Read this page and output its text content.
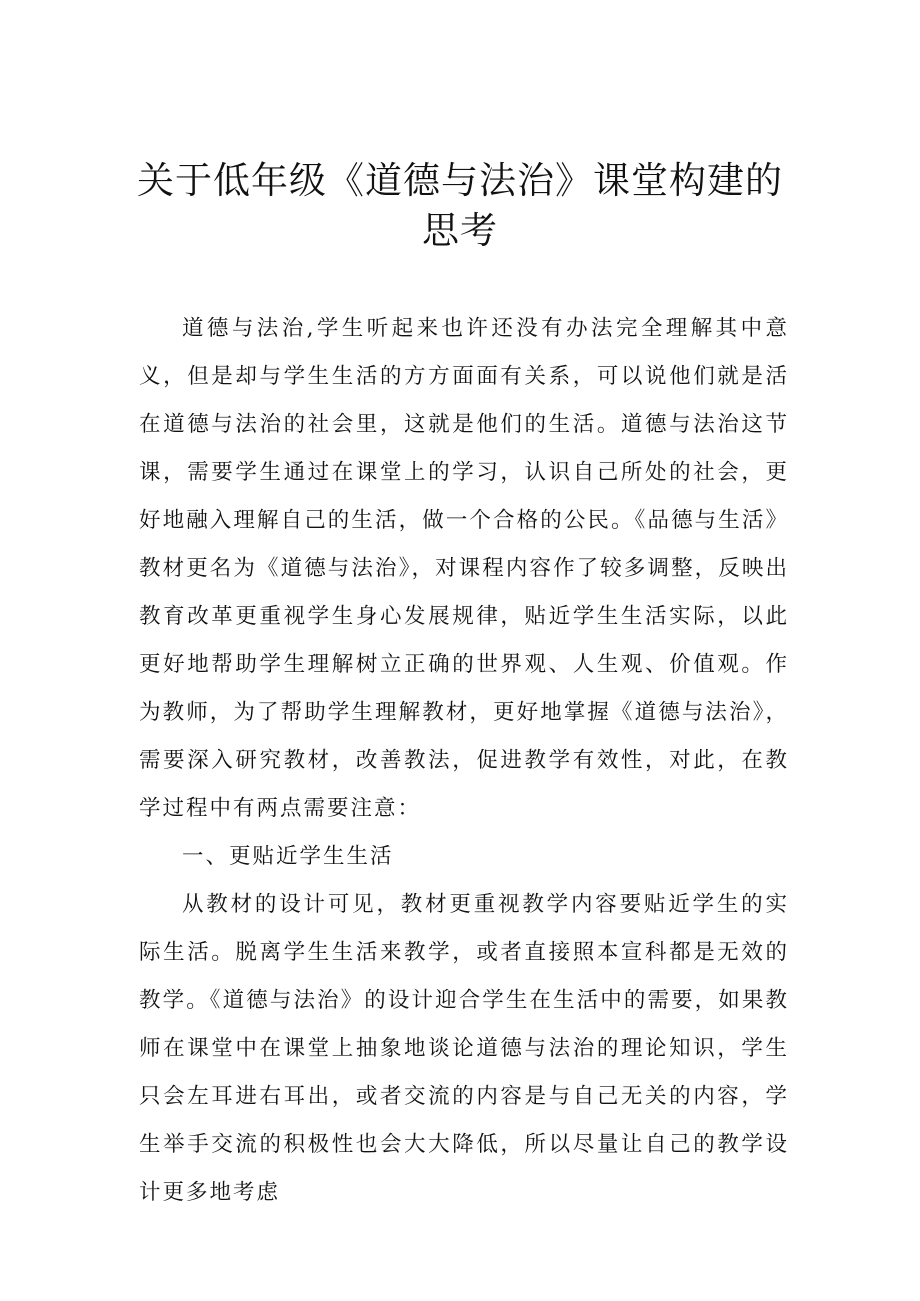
关于低年级《道德与法治》课堂构建的思考

道德与法治,学生听起来也许还没有办法完全理解其中意义，但是却与学生生活的方方面面有关系，可以说他们就是活在道德与法治的社会里，这就是他们的生活。道德与法治这节课，需要学生通过在课堂上的学习，认识自己所处的社会，更好地融入理解自己的生活，做一个合格的公民。《品德与生活》教材更名为《道德与法治》，对课程内容作了较多调整，反映出教育改革更重视学生身心发展规律，贴近学生生活实际，以此更好地帮助学生理解树立正确的世界观、人生观、价值观。作为教师，为了帮助学生理解教材，更好地掌握《道德与法治》，需要深入研究教材，改善教法，促进教学有效性，对此，在教学过程中有两点需要注意：

一、更贴近学生生活

从教材的设计可见，教材更重视教学内容要贴近学生的实际生活。脱离学生生活来教学，或者直接照本宣科都是无效的教学。《道德与法治》的设计迎合学生在生活中的需要，如果教师在课堂中在课堂上抽象地谈论道德与法治的理论知识，学生只会左耳进右耳出，或者交流的内容是与自己无关的内容，学生举手交流的积极性也会大大降低，所以尽量让自己的教学设计更多地考虑
